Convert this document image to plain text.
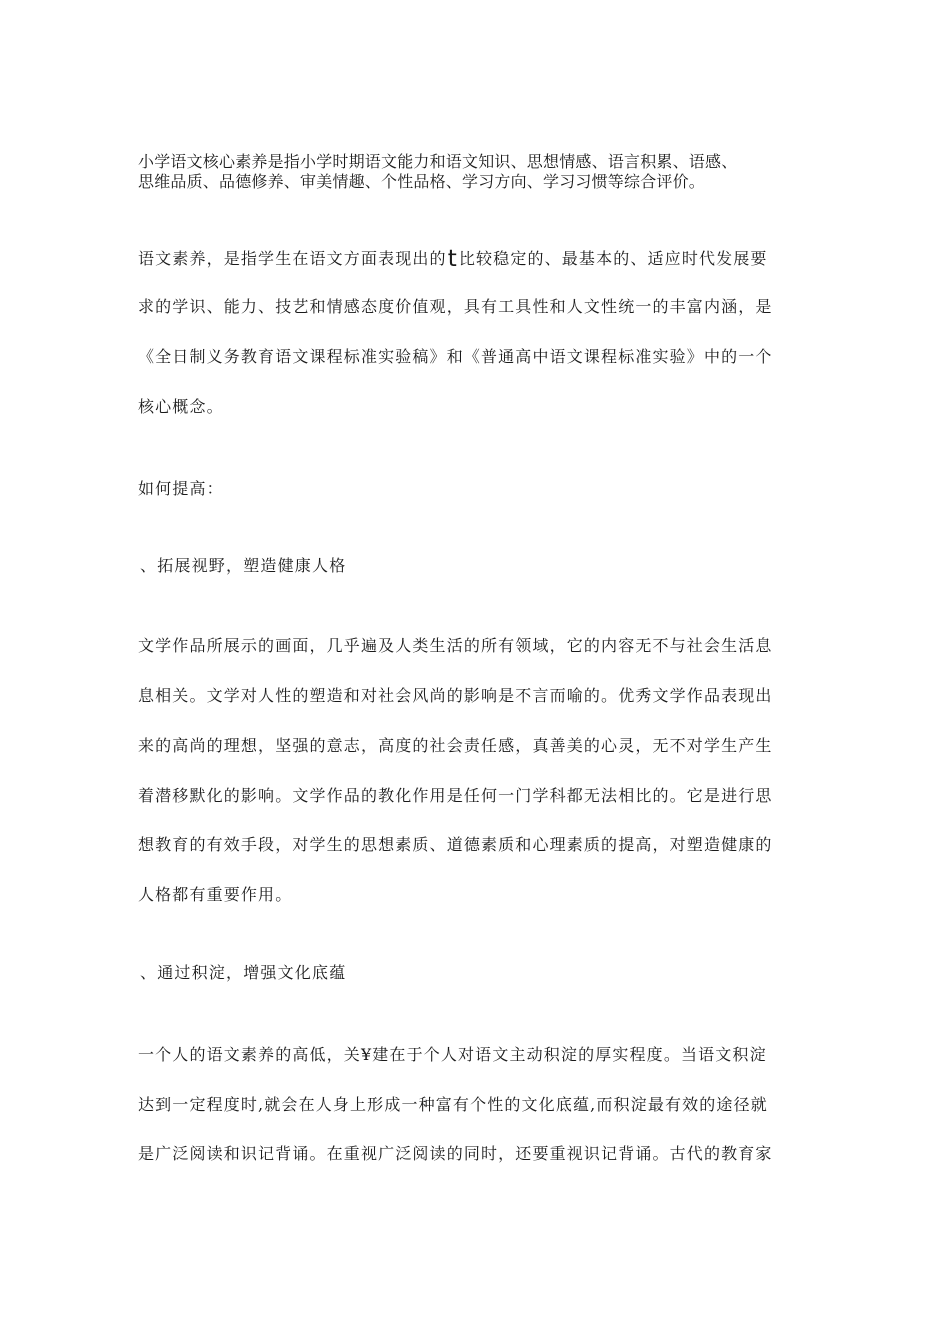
小学语文核心素养是指小学时期语文能力和语文知识、思想情感、语言积累、语感、
思维品质、品德修养、审美情趣、个性品格、学习方向、学习习惯等综合评价。
语文素养，是指学生在语文方面表现出的t比较稳定的、最基本的、适应时代发展要
求的学识、能力、技艺和情感态度价值观，具有工具性和人文性统一的丰富内涵，是
《全日制义务教育语文课程标准实验稿》和《普通高中语文课程标准实验》中的一个
核心概念。
如何提高：
、拓展视野，塑造健康人格
文学作品所展示的画面，几乎遍及人类生活的所有领域，它的内容无不与社会生活息
息相关。文学对人性的塑造和对社会风尚的影响是不言而喻的。优秀文学作品表现出
来的高尚的理想，坚强的意志，高度的社会责任感，真善美的心灵，无不对学生产生
着潜移默化的影响。文学作品的教化作用是任何一门学科都无法相比的。它是进行思
想教育的有效手段，对学生的思想素质、道德素质和心理素质的提高，对塑造健康的
人格都有重要作用。
、通过积淀，增强文化底蕴
一个人的语文素养的高低，关¥建在于个人对语文主动积淀的厚实程度。当语文积淀
达到一定程度时,就会在人身上形成一种富有个性的文化底蕴,而积淀最有效的途径就
是广泛阅读和识记背诵。在重视广泛阅读的同时，还要重视识记背诵。古代的教育家
